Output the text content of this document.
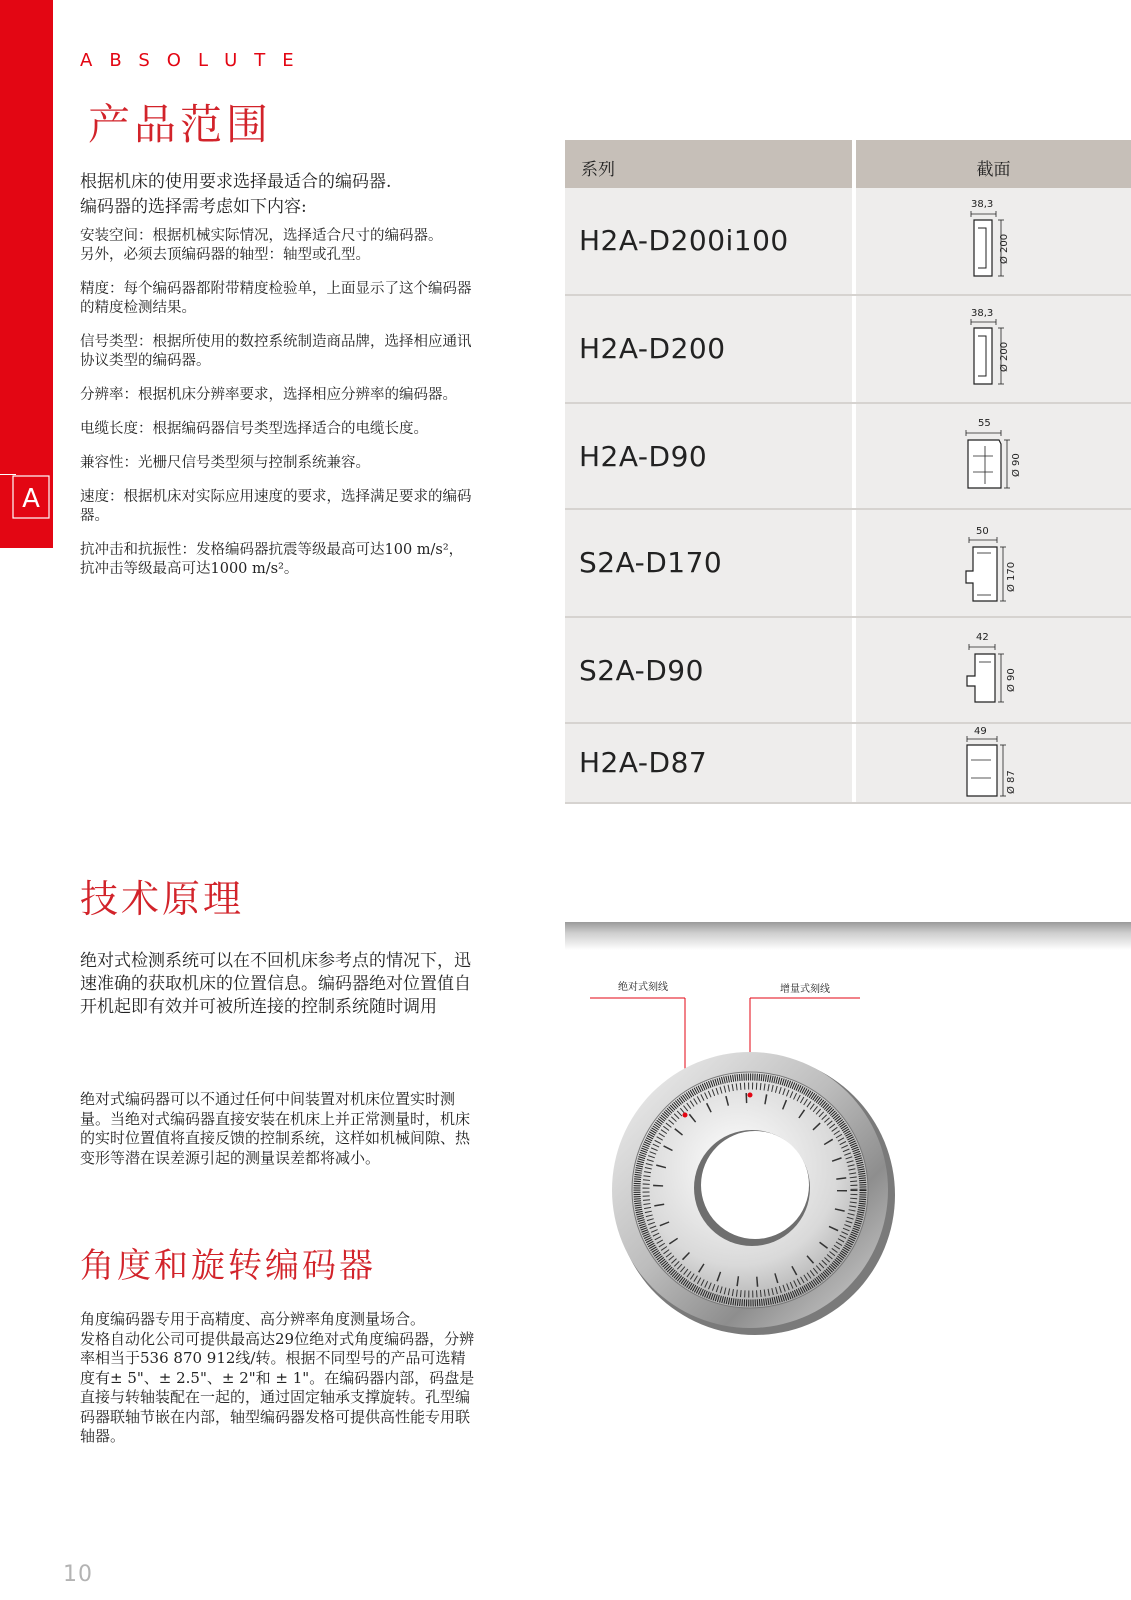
A
ABSOLUTE
产品范围

根据机床的使用要求选择最适合的编码器.
编码器的选择需考虑如下内容:

安装空间：根据机械实际情况，选择适合尺寸的编码器。
另外，必须去顶编码器的轴型：轴型或孔型。
精度：每个编码器都附带精度检验单，上面显示了这个编码器的精度检测结果。
信号类型：根据所使用的数控系统制造商品牌，选择相应通讯协议类型的编码器。
分辨率：根据机床分辨率要求，选择相应分辨率的编码器。
电缆长度：根据编码器信号类型选择适合的电缆长度。
兼容性：光栅尺信号类型须与控制系统兼容。
速度：根据机床对实际应用速度的要求，选择满足要求的编码器。
抗冲击和抗振性：发格编码器抗震等级最高可达100 m/s²，抗冲击等级最高可达1000 m/s²。
系列	截面
H2A-D200i100
38,3
Ø 200
H2A-D200
38,3
Ø 200
H2A-D90
55
Ø 90
S2A-D170
50
Ø 170
S2A-D90
42
Ø 90
H2A-D87
49
Ø 87
技术原理

绝对式检测系统可以在不回机床参考点的情况下，迅速准确的获取机床的位置信息。编码器绝对位置值自开机起即有效并可被所连接的控制系统随时调用

绝对式编码器可以不通过任何中间装置对机床位置实时测量。当绝对式编码器直接安装在机床上并正常测量时，机床的实时位置值将直接反馈的控制系统，这样如机械间隙、热变形等潜在误差源引起的测量误差都将减小。

角度和旋转编码器

角度编码器专用于高精度、高分辨率角度测量场合。
发格自动化公司可提供最高达29位绝对式角度编码器，分辨率相当于536 870 912线/转。根据不同型号的产品可选精度有± 5"、± 2.5"、± 2"和 ± 1"。在编码器内部，码盘是直接与转轴装配在一起的，通过固定轴承支撑旋转。孔型编码器联轴节嵌在内部，轴型编码器发格可提供高性能专用联轴器。

绝对式刻线	增量式刻线
10
